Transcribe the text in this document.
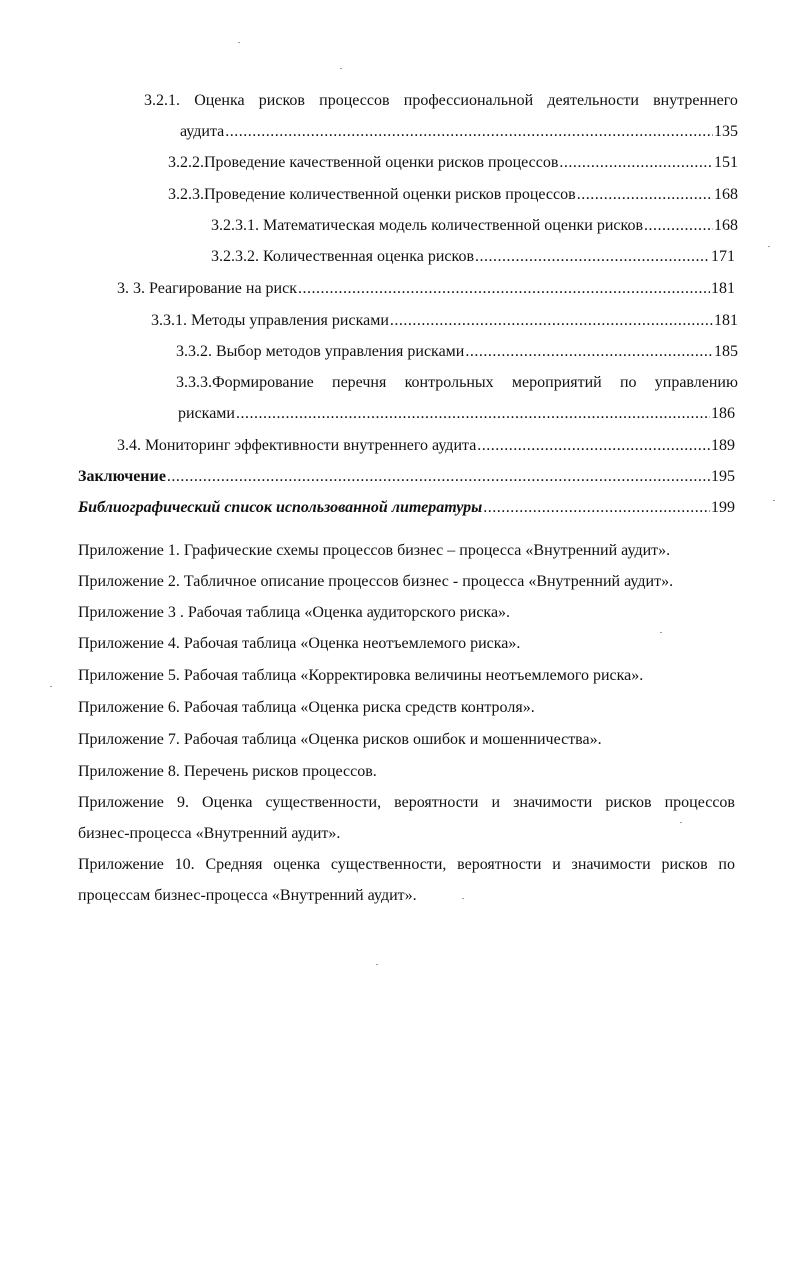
3.2.1. Оценка рисков процессов профессиональной деятельности внутреннего
аудита .....	135
3.2.2. Проведение качественной оценки рисков процессов .....	151
3.2.3. Проведение количественной оценки рисков процессов .....	168
3.2.3.1. Математическая модель количественной оценки рисков .....	168
3.2.3.2. Количественная оценка рисков .....	171
3. 3. Реагирование на риск .....	181
3.3.1. Методы управления рисками .....	181
3.3.2. Выбор методов управления рисками .....	185
3.3.3.Формирование перечня контрольных мероприятий по управлению
рисками .....	186
3.4. Мониторинг эффективности внутреннего аудита .....	189
Заключение .....	195
Библиографический список использованной литературы .....	199
Приложение 1. Графические схемы процессов бизнес – процесса «Внутренний аудит».
Приложение 2. Табличное описание процессов бизнес - процесса «Внутренний аудит».
Приложение 3 . Рабочая таблица «Оценка аудиторского риска».
Приложение 4. Рабочая таблица «Оценка неотъемлемого риска».
Приложение 5. Рабочая таблица «Корректировка величины неотъемлемого риска».
Приложение 6. Рабочая таблица «Оценка риска средств контроля».
Приложение 7. Рабочая таблица «Оценка рисков ошибок и мошенничества».
Приложение 8. Перечень рисков процессов.
Приложение 9. Оценка существенности, вероятности и значимости рисков процессов
бизнес-процесса «Внутренний аудит».
Приложение 10. Средняя оценка существенности, вероятности и значимости рисков по
процессам бизнес-процесса «Внутренний аудит».
